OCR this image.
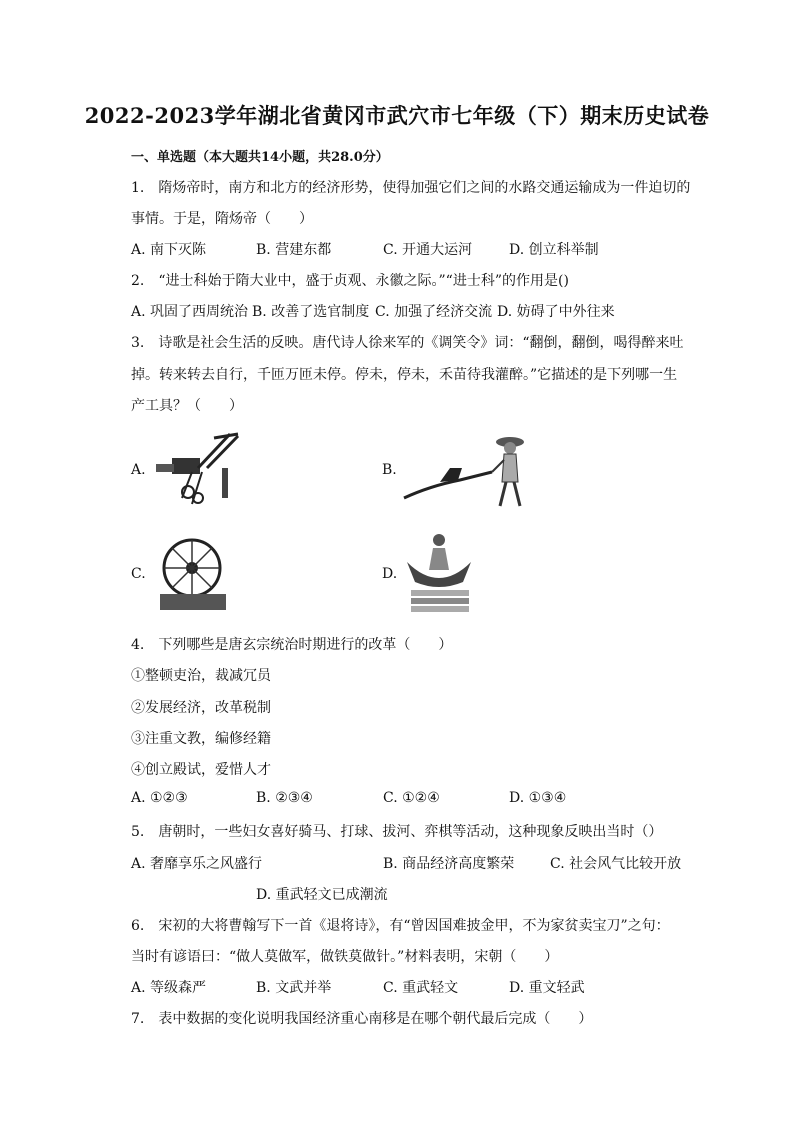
2022-2023学年湖北省黄冈市武穴市七年级（下）期末历史试卷
一、单选题（本大题共14小题，共28.0分）
1.　隋炀帝时，南方和北方的经济形势，使得加强它们之间的水路交通运输成为一件迫切的
事情。于是，隋炀帝（　　）
A. 南下灭陈	B. 营建东都	C. 开通大运河	D. 创立科举制
2.　“进士科始于隋大业中，盛于贞观、永徽之际。”“进士科”的作用是()
A. 巩固了西周统治 B. 改善了选官制度 C. 加强了经济交流 D. 妨碍了中外往来
3.　诗歌是社会生活的反映。唐代诗人徐来军的《调笑令》词：“翻倒，翻倒，喝得醉来吐
掉。转来转去自行，千匝万匝未停。停未，停未，禾苗待我灌醉。”它描述的是下列哪一生
产工具？（　　）
A.	B.
C.	D.
4.　下列哪些是唐玄宗统治时期进行的改革（　　）
①整顿吏治，裁减冗员
②发展经济，改革税制
③注重文教，编修经籍
④创立殿试，爱惜人才
A. ①②③	B. ②③④	C. ①②④	D. ①③④
5.　唐朝时，一些妇女喜好骑马、打球、拔河、弈棋等活动，这种现象反映出当时（）
A. 奢靡享乐之风盛行	B. 商品经济高度繁荣	C. 社会风气比较开放
D. 重武轻文已成潮流
6.　宋初的大将曹翰写下一首《退将诗》，有“曾因国难披金甲，不为家贫卖宝刀”之句：
当时有谚语曰：“做人莫做军，做铁莫做针。”材料表明，宋朝（　　）
A. 等级森严	B. 文武并举	C. 重武轻文	D. 重文轻武
7.　表中数据的变化说明我国经济重心南移是在哪个朝代最后完成（　　）
